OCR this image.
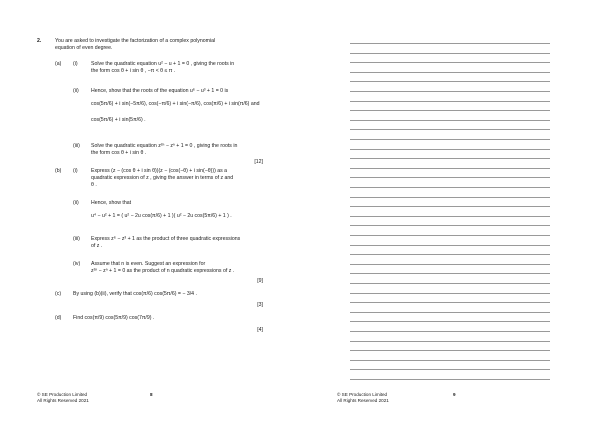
2.	You are asked to investigate the factorization of a complex polynomial
equation of even degree.
(a) (i)	Solve the quadratic equation u² − u + 1 = 0 , giving the roots in
the form cos θ + i sin θ , −π < θ ≤ π .
(ii) Hence, show that the roots of the equation u⁶ − u³ + 1 = 0 is
cos(5π/6) + i sin(−5π/6), cos(−π/6) + i sin(−π/6), cos(π/6) + i sin(π/6) and
cos(5π/6) + i sin(5π/6) .
(iii) Solve the quadratic equation z²ⁿ − zⁿ + 1 = 0 , giving the roots in
the form cos θ + i sin θ .
[12]
(b) (i)	Express (z − (cos θ + i sin θ))(z − (cos(−θ) + i sin(−θ))) as a
quadratic expression of z , giving the answer in terms of z and
θ .
(ii) Hence, show that
u⁴ − u² + 1 = ( u² − 2u cos(π/6) + 1 )( u² − 2u cos(5π/6) + 1 ) .
(iii) Express z⁶ − z³ + 1 as the product of three quadratic expressions
of z .
(iv) Assume that n is even. Suggest an expression for
z²ⁿ − zⁿ + 1 = 0 as the product of n quadratic expressions of z .
[9]
(c) By using (b)(ii), verify that cos(π/6) cos(5π/6) = − 3/4 .
[3]
(d) Find cos(π/9) cos(5π/9) cos(7π/9) .
[4]
© SE Production Limited
All Rights Reserved 2021
8	© SE Production Limited
All Rights Reserved 2021
9
